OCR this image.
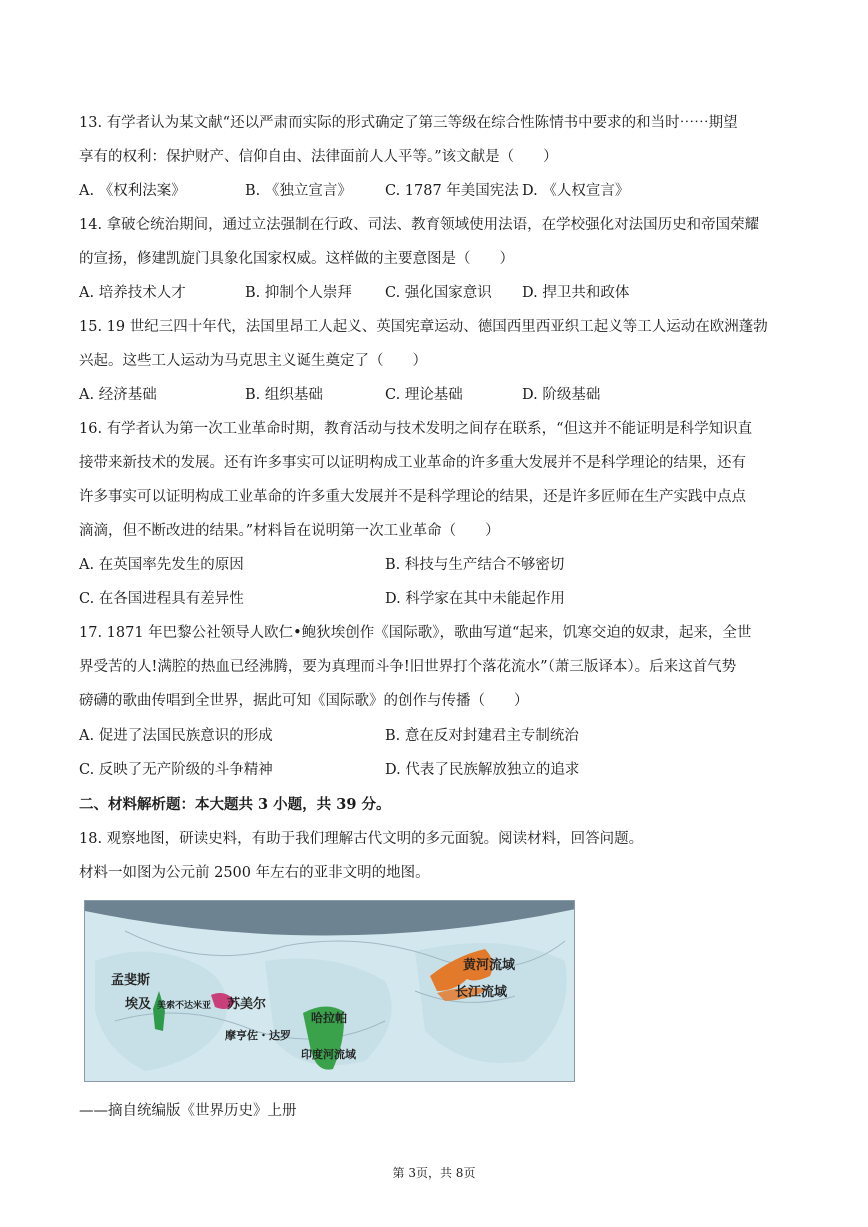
13. 有学者认为某文献“还以严肃而实际的形式确定了第三等级在综合性陈情书中要求的和当时⋯⋯期望
享有的权利：保护财产、信仰自由、法律面前人人平等。”该文献是（　　）
A. 《权利法案》	B. 《独立宣言》 C. 1787 年美国宪法 D. 《人权宣言》
14. 拿破仑统治期间，通过立法强制在行政、司法、教育领域使用法语，在学校强化对法国历史和帝国荣耀
的宣扬，修建凯旋门具象化国家权威。这样做的主要意图是（　　）
A. 培养技术人才	B. 抑制个人崇拜 C. 强化国家意识 D. 捍卫共和政体
15. 19 世纪三四十年代，法国里昂工人起义、英国宪章运动、德国西里西亚织工起义等工人运动在欧洲蓬勃
兴起。这些工人运动为马克思主义诞生奠定了（　　）
A. 经济基础	B. 组织基础	C. 理论基础	D. 阶级基础
16. 有学者认为第一次工业革命时期，教育活动与技术发明之间存在联系，“但这并不能证明是科学知识直
接带来新技术的发展。还有许多事实可以证明构成工业革命的许多重大发展并不是科学理论的结果，还有
许多事实可以证明构成工业革命的许多重大发展并不是科学理论的结果，还是许多匠师在生产实践中点点
滴滴，但不断改进的结果。”材料旨在说明第一次工业革命（　　）
A. 在英国率先发生的原因	B. 科技与生产结合不够密切
C. 在各国进程具有差异性	D. 科学家在其中未能起作用
17. 1871 年巴黎公社领导人欧仁•鲍狄埃创作《国际歌》，歌曲写道“起来，饥寒交迫的奴隶，起来，全世
界受苦的人!满腔的热血已经沸腾，要为真理而斗争!旧世界打个落花流水”（萧三版译本）。后来这首气势
磅礴的歌曲传唱到全世界，据此可知《国际歌》的创作与传播（　　）
A. 促进了法国民族意识的形成	B. 意在反对封建君主专制统治
C. 反映了无产阶级的斗争精神	D. 代表了民族解放独立的追求
二、材料解析题：本大题共 3 小题，共 39 分。
18. 观察地图，研读史料，有助于我们理解古代文明的多元面貌。阅读材料，回答问题。
材料一如图为公元前 2500 年左右的亚非文明的地图。
孟斐斯
埃及 美索不达米亚 苏美尔
哈拉帕
摩亨佐・达罗
印度河流域
黄河流域
长江流域
——摘自统编版《世界历史》上册
第 3页，共 8页
